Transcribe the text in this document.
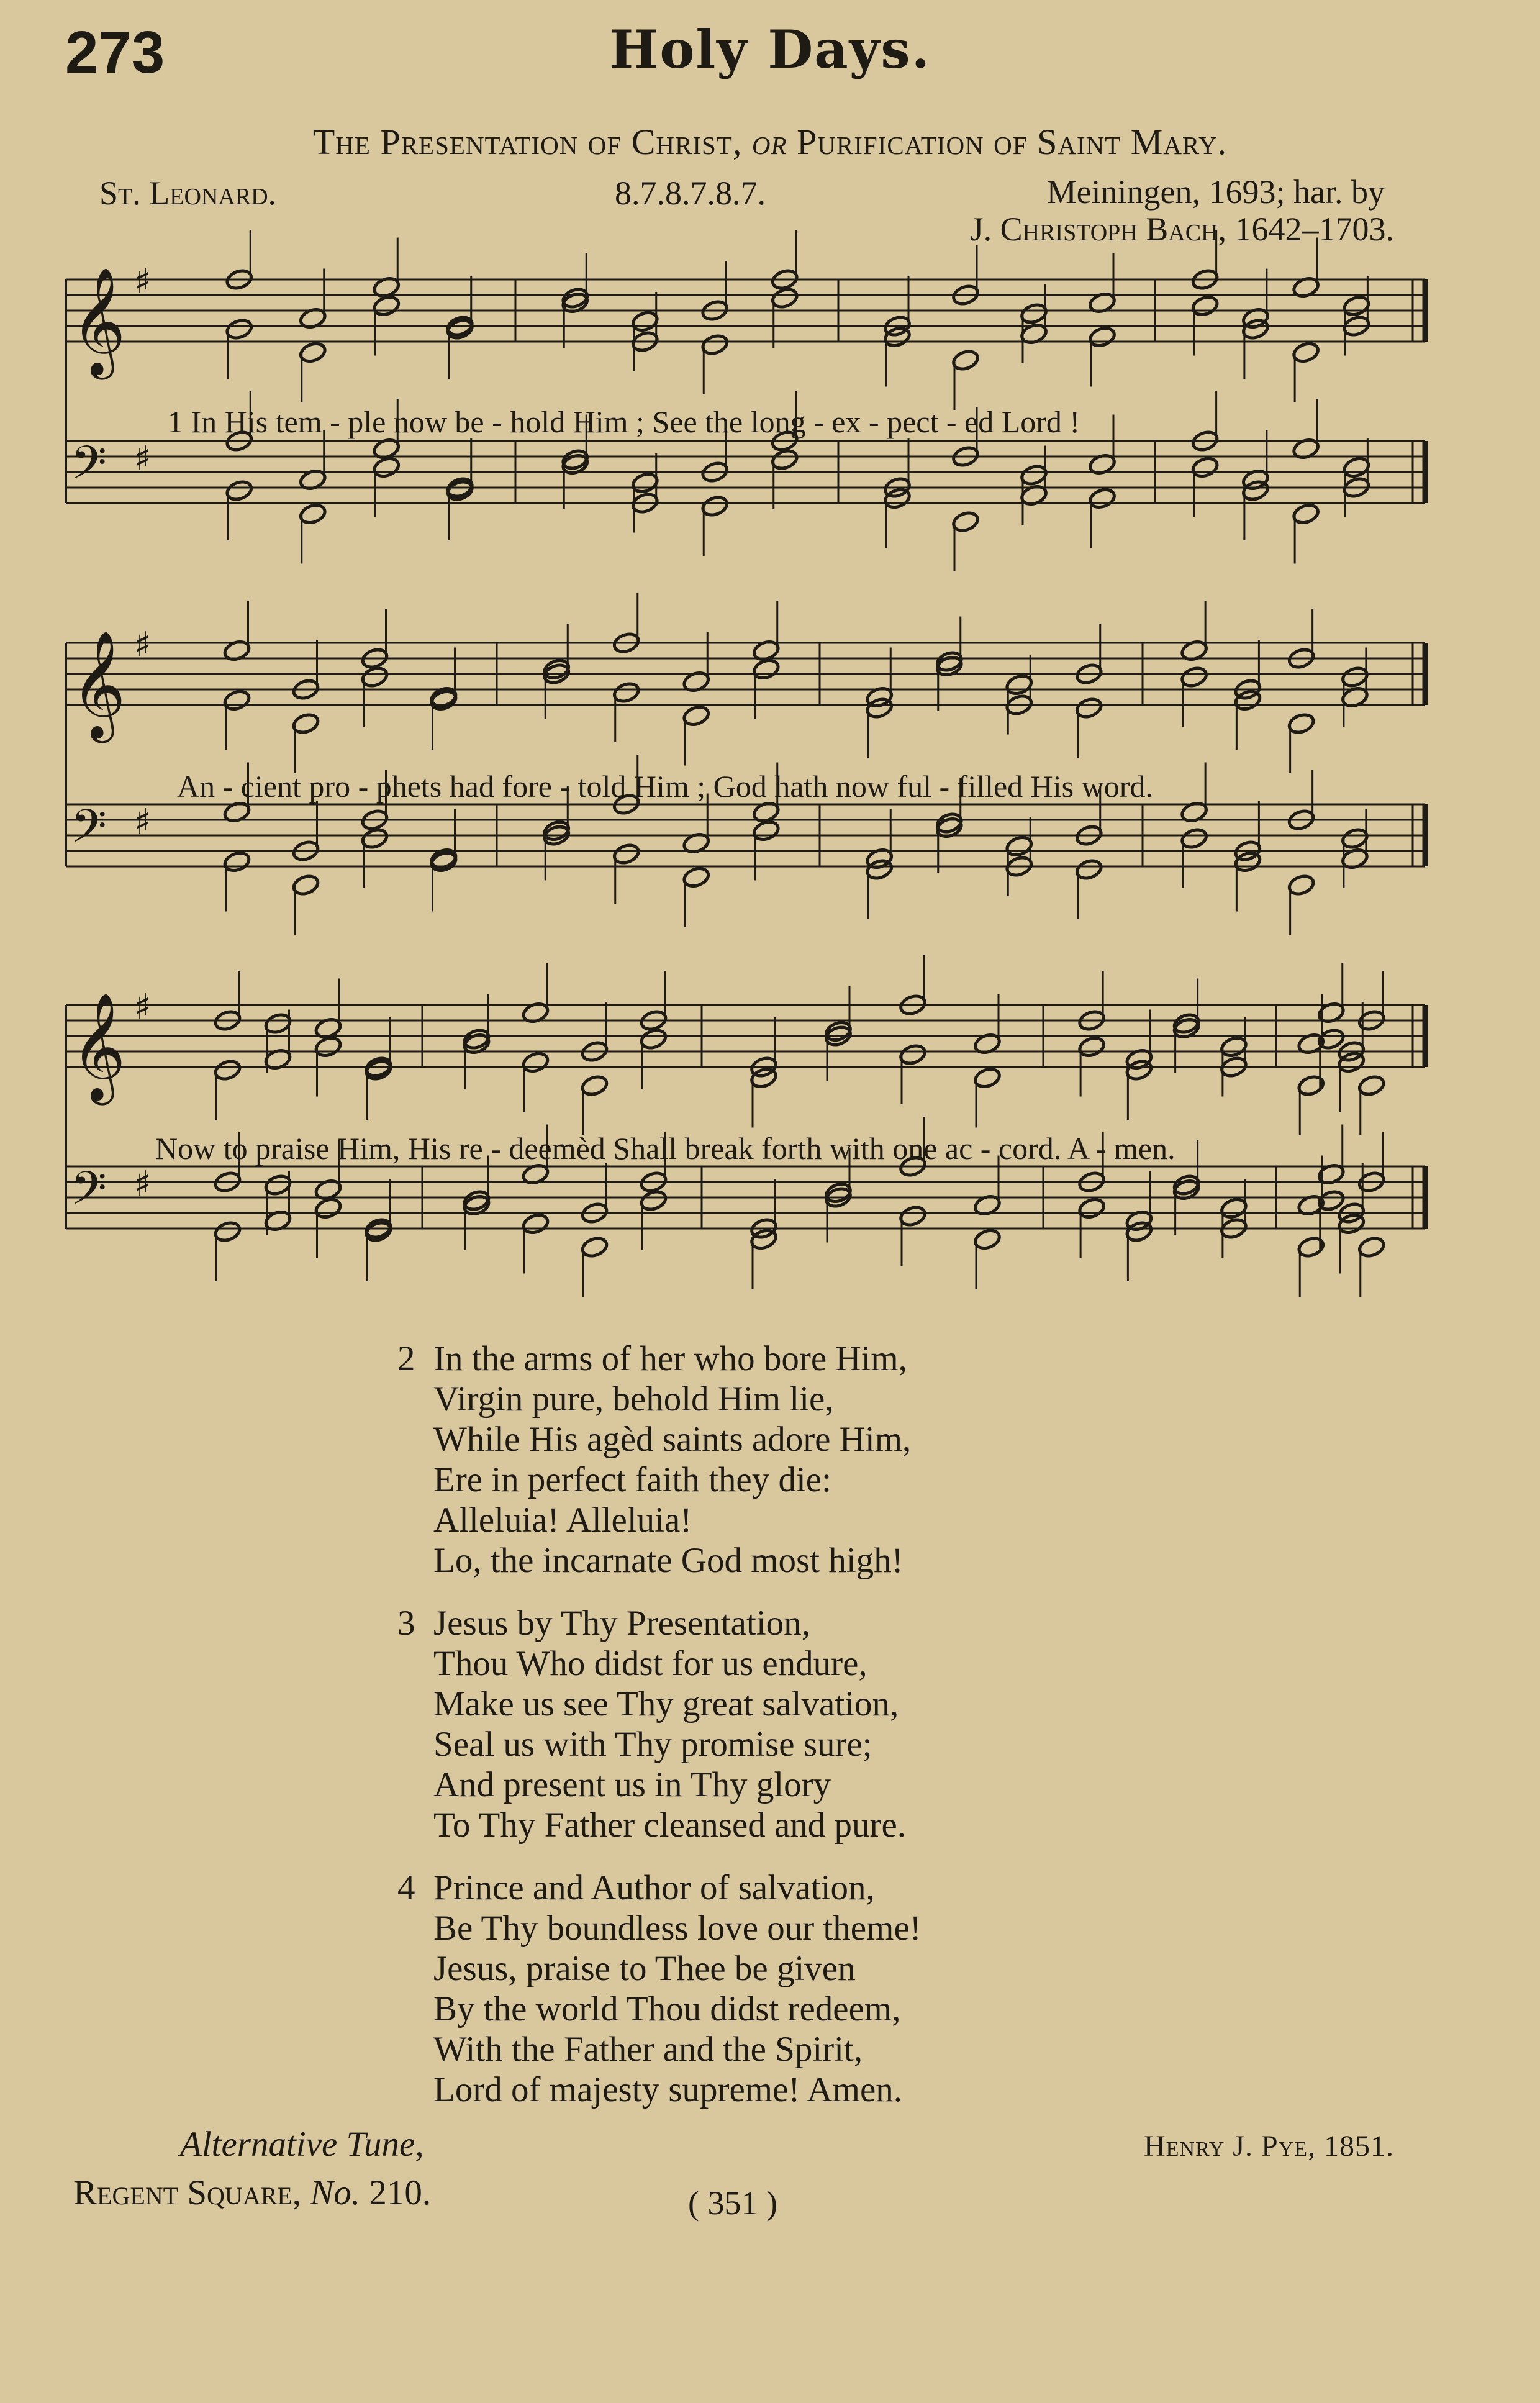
273	Holy Days.
The Presentation of Christ, or Purification of Saint Mary.
St. Leonard.	8.7.8.7.8.7.	Meiningen, 1693; har. by
J. Christoph Bach, 1642–1703.
𝄞 ♯
𝄢 ♯
1 In His tem - ple now be - hold Him ; See the long - ex - pect - ed Lord !
𝄞 ♯
𝄢 ♯
An - cient pro - phets had fore - told Him ; God hath now ful - filled His word.
𝄞 ♯
𝄢 ♯
Now to praise Him, His re - deemèd Shall break forth with one ac - cord. A - men.
2 In the arms of her who bore Him,
Virgin pure, behold Him lie,
While His agèd saints adore Him,
Ere in perfect faith they die:
Alleluia! Alleluia!
Lo, the incarnate God most high!
3 Jesus by Thy Presentation,
Thou Who didst for us endure,
Make us see Thy great salvation,
Seal us with Thy promise sure;
And present us in Thy glory
To Thy Father cleansed and pure.
4 Prince and Author of salvation,
Be Thy boundless love our theme!
Jesus, praise to Thee be given
By the world Thou didst redeem,
With the Father and the Spirit,
Lord of majesty supreme! Amen.
Alternative Tune,
Regent Square, No. 210.
Henry J. Pye, 1851.
( 351 )
